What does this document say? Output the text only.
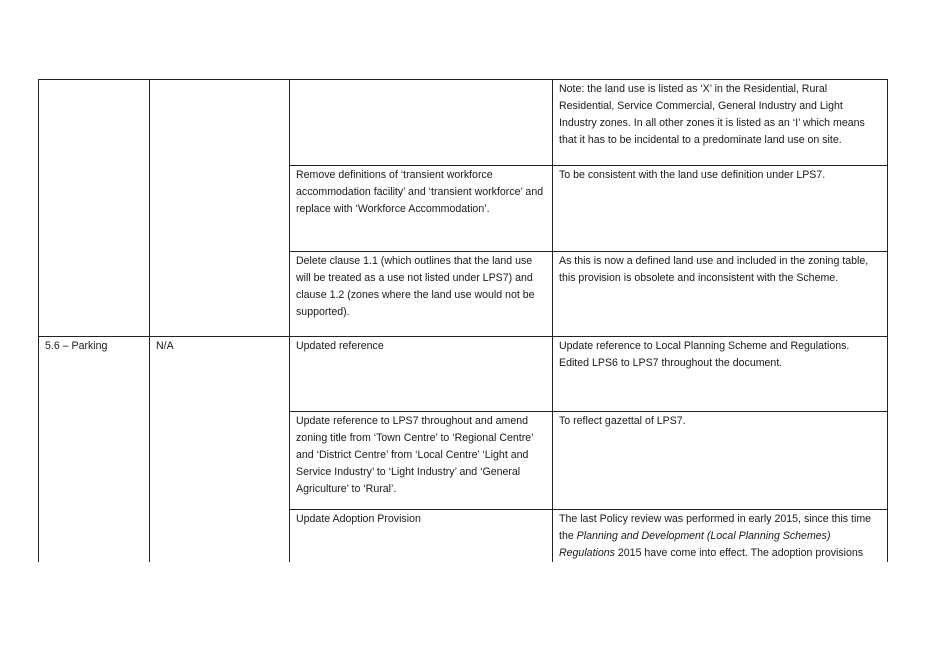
			Note: the land use is listed as ‘X’ in the Residential, Rural Residential, Service Commercial, General Industry and Light Industry zones. In all other zones it is listed as an ‘I’ which means that it has to be incidental to a predominate land use on site.
		Remove definitions of ‘transient workforce accommodation facility’ and ‘transient workforce’ and replace with ‘Workforce Accommodation’.	To be consistent with the land use definition under LPS7.
		Delete clause 1.1 (which outlines that the land use will be treated as a use not listed under LPS7) and clause 1.2 (zones where the land use would not be supported).	As this is now a defined land use and included in the zoning table, this provision is obsolete and inconsistent with the Scheme.
5.6 – Parking	N/A	Updated reference	Update reference to Local Planning Scheme and Regulations. Edited LPS6 to LPS7 throughout the document.
		Update reference to LPS7 throughout and amend zoning title from ‘Town Centre’ to ‘Regional Centre’ and ‘District Centre’ from ‘Local Centre’ ‘Light and Service Industry’ to ‘Light Industry’ and ‘General Agriculture’ to ‘Rural’.	To reflect gazettal of LPS7.
		Update Adoption Provision	The last Policy review was performed in early 2015, since this time the Planning and Development (Local Planning Schemes) Regulations 2015 have come into effect. The adoption provisions
